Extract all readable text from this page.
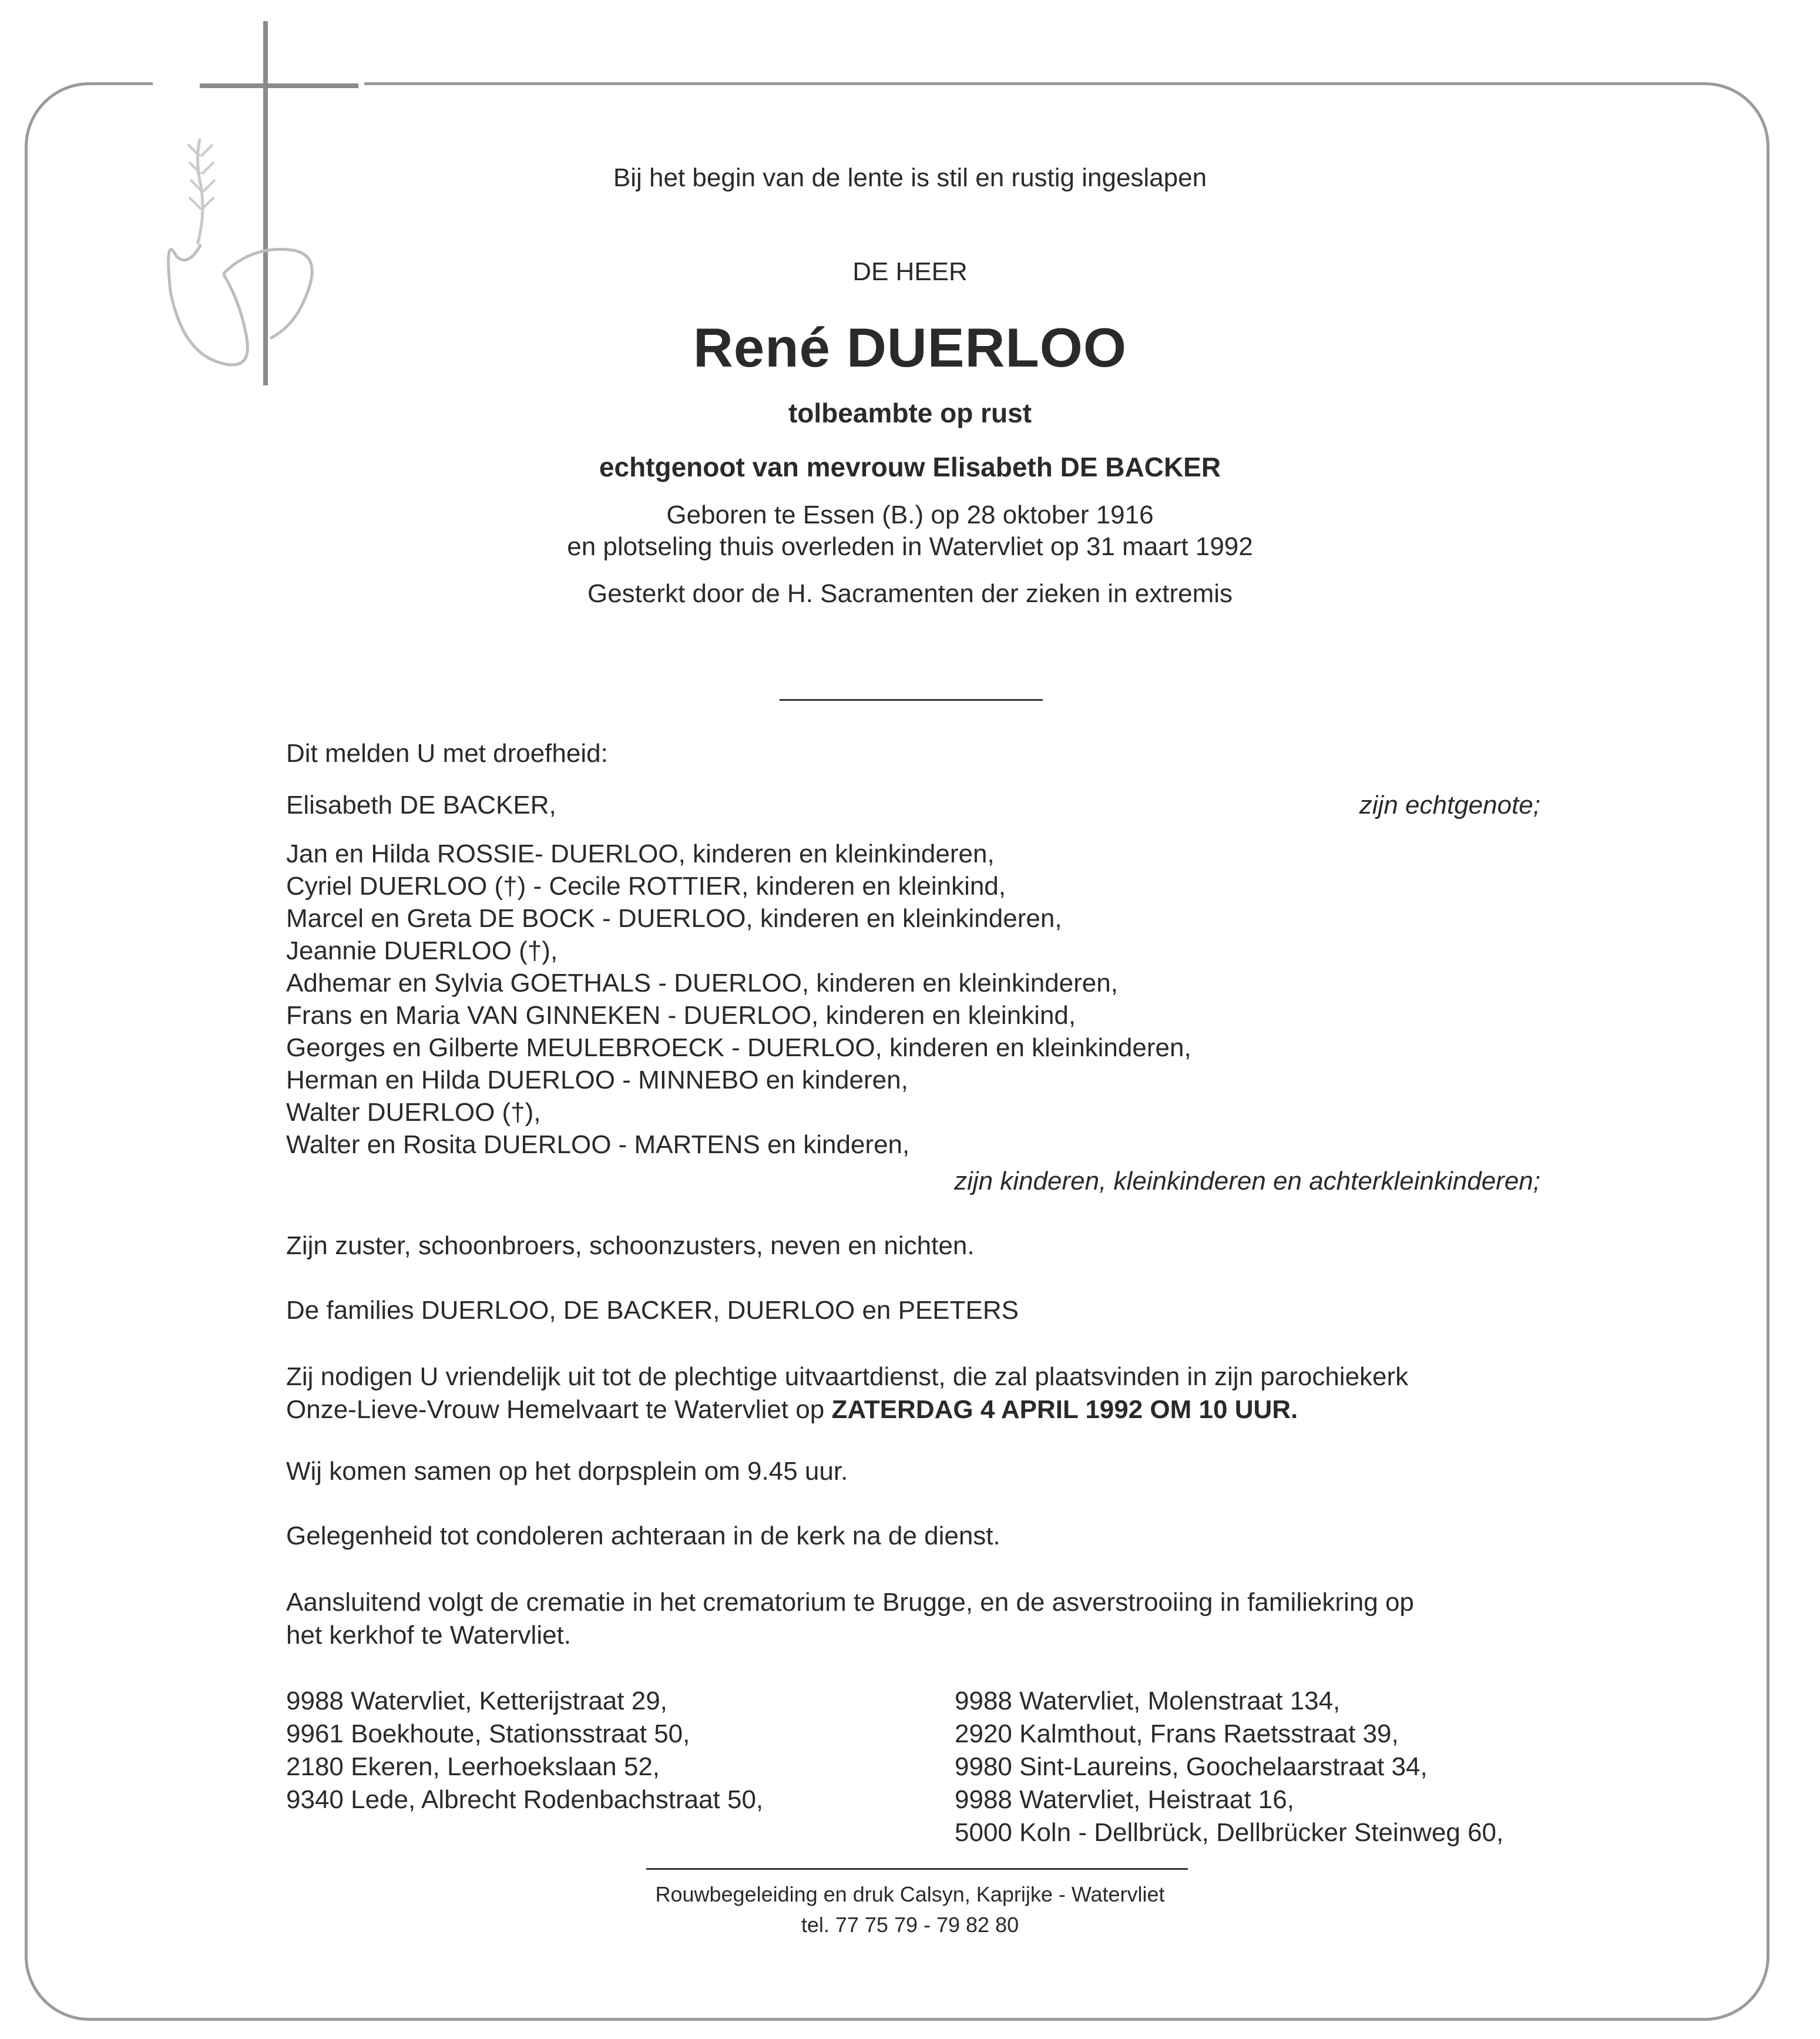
Bij het begin van de lente is stil en rustig ingeslapen
DE HEER
René DUERLOO
tolbeambte op rust
echtgenoot van mevrouw Elisabeth DE BACKER
Geboren te Essen (B.) op 28 oktober 1916
en plotseling thuis overleden in Watervliet op 31 maart 1992
Gesterkt door de H. Sacramenten der zieken in extremis
Dit melden U met droefheid:
Elisabeth DE BACKER,	zijn echtgenote;
Jan en Hilda ROSSIE- DUERLOO, kinderen en kleinkinderen,
Cyriel DUERLOO (†) - Cecile ROTTIER, kinderen en kleinkind,
Marcel en Greta DE BOCK - DUERLOO, kinderen en kleinkinderen,
Jeannie DUERLOO (†),
Adhemar en Sylvia GOETHALS - DUERLOO, kinderen en kleinkinderen,
Frans en Maria VAN GINNEKEN - DUERLOO, kinderen en kleinkind,
Georges en Gilberte MEULEBROECK - DUERLOO, kinderen en kleinkinderen,
Herman en Hilda DUERLOO - MINNEBO en kinderen,
Walter DUERLOO (†),
Walter en Rosita DUERLOO - MARTENS en kinderen,
zijn kinderen, kleinkinderen en achterkleinkinderen;
Zijn zuster, schoonbroers, schoonzusters, neven en nichten.
De families DUERLOO, DE BACKER, DUERLOO en PEETERS
Zij nodigen U vriendelijk uit tot de plechtige uitvaartdienst, die zal plaatsvinden in zijn parochiekerk
Onze-Lieve-Vrouw Hemelvaart te Watervliet op ZATERDAG 4 APRIL 1992 OM 10 UUR.
Wij komen samen op het dorpsplein om 9.45 uur.
Gelegenheid tot condoleren achteraan in de kerk na de dienst.
Aansluitend volgt de crematie in het crematorium te Brugge, en de asverstrooiing in familiekring op
het kerkhof te Watervliet.
9988 Watervliet, Ketterijstraat 29,
9961 Boekhoute, Stationsstraat 50,
2180 Ekeren, Leerhoekslaan 52,
9340 Lede, Albrecht Rodenbachstraat 50,
9988 Watervliet, Molenstraat 134,
2920 Kalmthout, Frans Raetsstraat 39,
9980 Sint-Laureins, Goochelaarstraat 34,
9988 Watervliet, Heistraat 16,
5000 Koln - Dellbrück, Dellbrücker Steinweg 60,
Rouwbegeleiding en druk Calsyn, Kaprijke - Watervliet
tel. 77 75 79 - 79 82 80
